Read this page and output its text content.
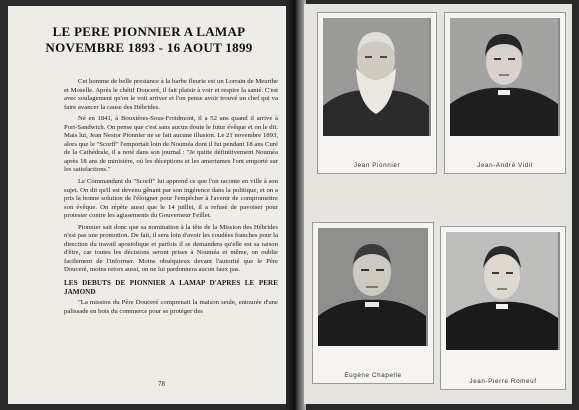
LE PERE PIONNIER A LAMAP
NOVEMBRE 1893 - 16 AOUT 1899

Cet homme de belle prestance à la barbe fleurie est un Lorrain de Meurthe et Moselle. Après le chétif Douceré, il fait plaisir à voir et respire la santé. C'est avec soulagement qu'on le voit arriver et l'on pense avoir trouvé un chef qui va faire avancer la cause des Hébrides.

Né en 1841, à Bouxières-Sous-Froidmont, il a 52 ans quand il arrive à Port-Sandwich. On pense que c'est sans aucun doute le futur évêque et on le dit. Mais lui, Jean Nestor Pionnier ne se fait aucune illusion. Le 21 novembre 1893, alors que le "Scorff" l'emportait loin de Nouméa dont il fut pendant 18 ans Curé de la Cathédrale, il a noté dans son journal : "Je quitte définitivement Nouméa après 18 ans de ministère, où les déceptions et les amertumes l'ont emporté sur les satisfactions."

Le Commandant du "Scorff" lui apprend ce que l'on raconte en ville à son sujet. On dit qu'il est devenu gênant par son ingérence dans la politique, et on a pris la bonne solution de l'éloigner pour l'empêcher à l'avenir de compromettre son évêque. On répète aussi que le 14 juillet, il a refusé de pavoiser pour protester contre les agissements du Gouverneur Feillet.

Pionnier sait donc que sa nomination à la tête de la Mission des Hébrides n'est pas une promotion. De fait, il sera loin d'avoir les coudées franches pour la direction du travail apostolique et parfois il se demandera qu'elle est sa raison d'être, car toutes les décisions seront prises à Nouméa et même, on oublie facilement de l'informer. Moins obséquieux devant l'autorité que le Père Douceré, moins retors aussi, on ne lui pardonnera aucun faux pas.

LES DEBUTS DE PIONNIER A LAMAP D'APRES LE PERE JAMOND

"La mission du Père Douceré comprenait la maison seule, entourée d'une palissade en bois du commerce pour se protéger des

78
Jean Pionnier	Jean-André Vidil
Eugène Chapelle
Jean-Pierre Romeuf
